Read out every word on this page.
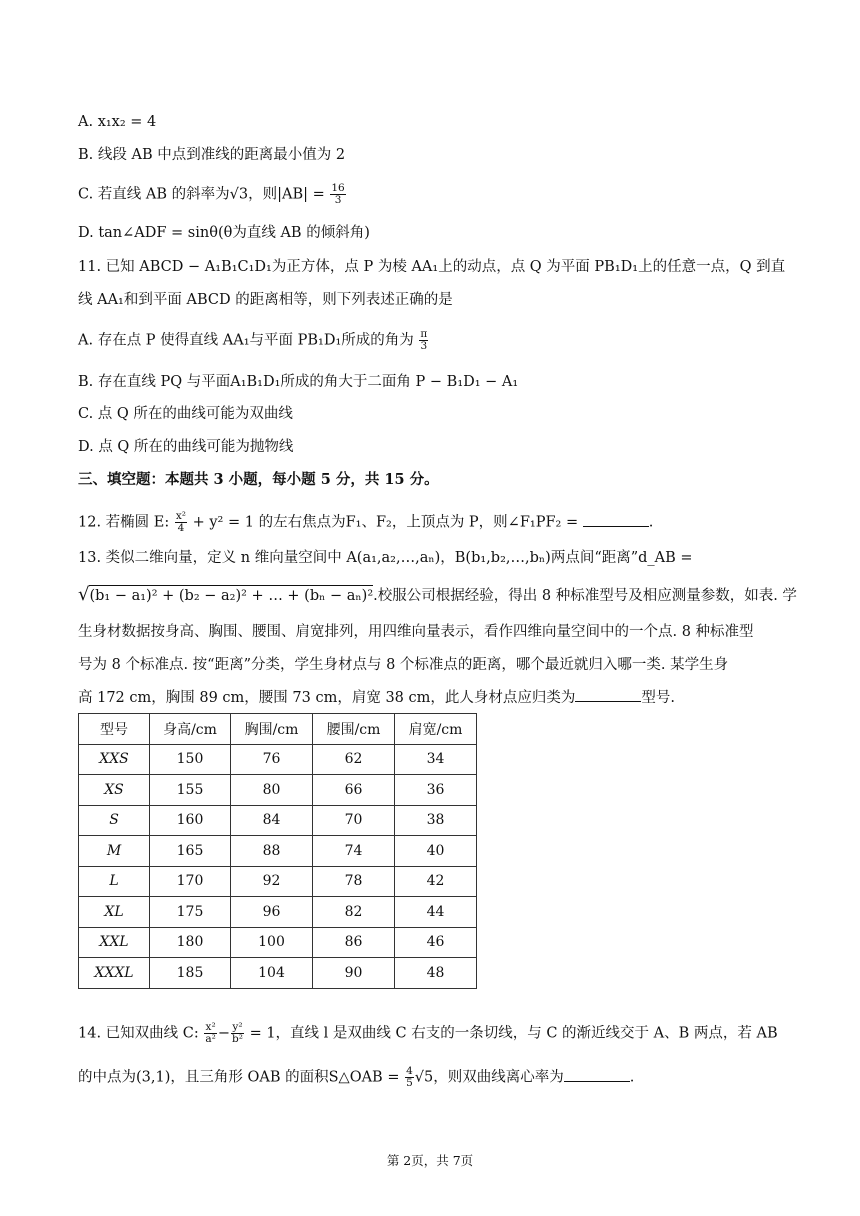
A. x₁x₂ = 4
B. 线段 AB 中点到准线的距离最小值为 2
C. 若直线 AB 的斜率为√3，则$|AB| = \frac{16}{3}$
D. tan∠ADF = sinθ(θ为直线 AB 的倾斜角)
11. 已知 ABCD − A₁B₁C₁D₁为正方体，点 P 为棱 AA₁上的动点，点 Q 为平面 PB₁D₁上的任意一点，Q 到直
线 AA₁和到平面 ABCD 的距离相等，则下列表述正确的是
A. 存在点 P 使得直线 AA₁与平面 PB₁D₁所成的角为 $\frac{\pi}{3}$
B. 存在直线 PQ 与平面A₁B₁D₁所成的角大于二面角 P − B₁D₁ − A₁
C. 点 Q 所在的曲线可能为双曲线
D. 点 Q 所在的曲线可能为抛物线
三、填空题：本题共 3 小题，每小题 5 分，共 15 分。
12. 若椭圆 E: $\frac{\text{x²}}{4} + y^2 = 1$ 的左右焦点为F₁、F₂，上顶点为 P，则∠F₁PF₂ =	.
13. 类似二维向量，定义 n 维向量空间中 A(a₁,a₂,…,aₙ)，B(b₁,b₂,…,bₙ)两点间“距离”d_AB =
√(b₁ − a₁)² + (b₂ − a₂)² + … + (bₙ − aₙ)².校服公司根据经验，得出 8 种标准型号及相应测量参数，如表. 学
生身材数据按身高、胸围、腰围、肩宽排列，用四维向量表示，看作四维向量空间中的一个点. 8 种标准型
号为 8 个标准点. 按“距离”分类，学生身材点与 8 个标准点的距离，哪个最近就归入哪一类. 某学生身
高 172 cm，胸围 89 cm，腰围 73 cm，肩宽 38 cm，此人身材点应归类为	型号.
型号	身高/cm	胸围/cm	腰围/cm	肩宽/cm
XXS	150	76	62	34
XS	155	80	66	36
S	160	84	70	38
M	165	88	74	40
L	170	92	78	42
XL	175	96	82	44
XXL	180	100	86	46
XXXL	185	104	90	48
14. 已知双曲线 C: $\frac{\text{x²}}{\text{a²}} - \frac{\text{y²}}{\text{b²}} = 1$，直线 l 是双曲线 C 右支的一条切线，与 C 的渐近线交于 A、B 两点，若 AB
的中点为(3,1)，且三角形 OAB 的面积S△OAB = $\frac{4}{5} √5$，则双曲线离心率为	.
第 2页，共 7页
